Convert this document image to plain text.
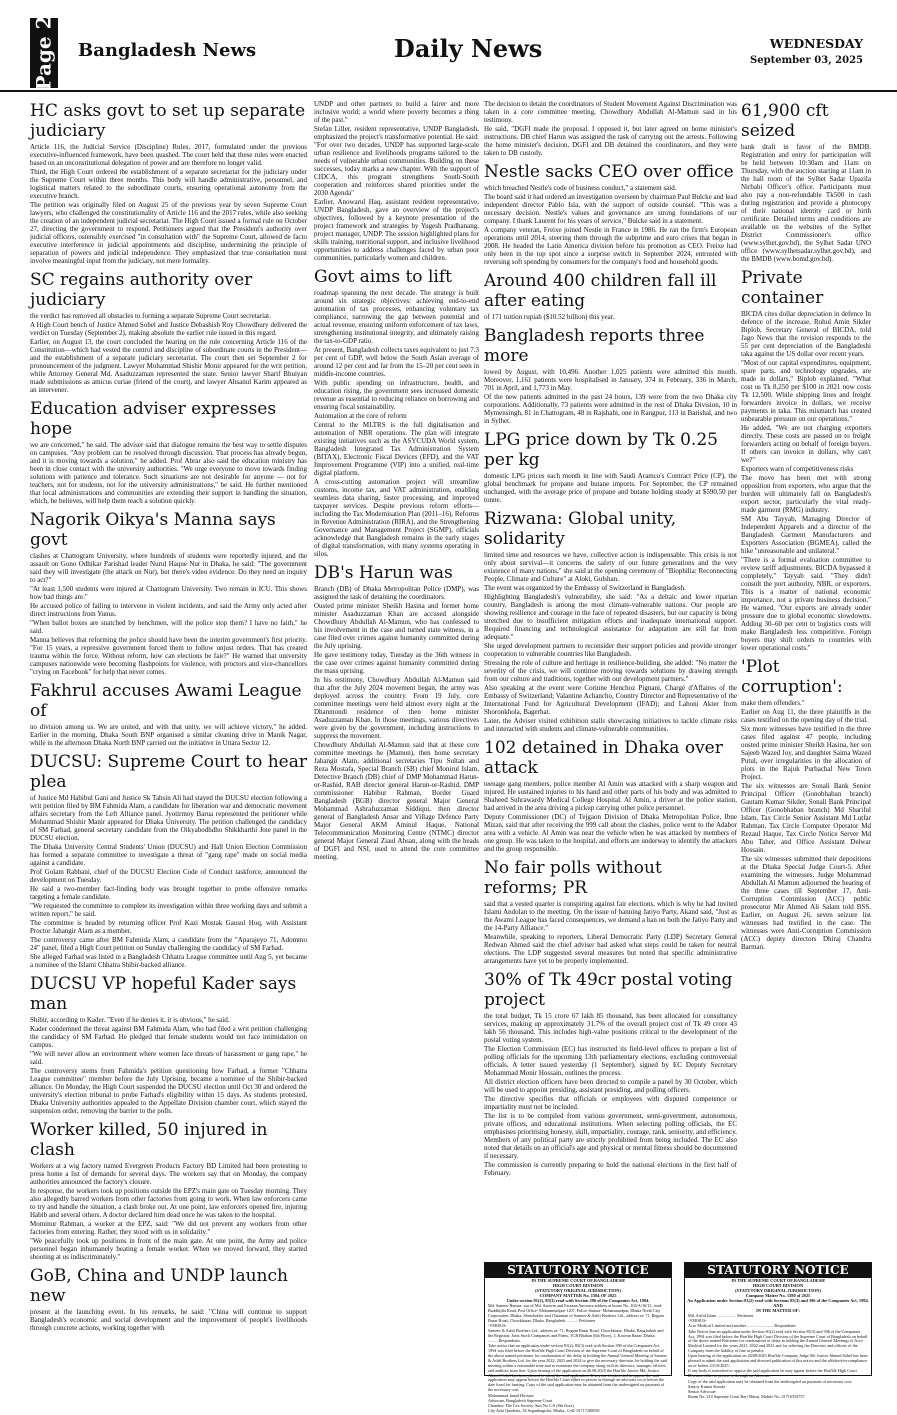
Page 2 Bangladesh News	Daily News	WEDNESDAY
September 03, 2025
HC asks govt to set up separate judiciary

Article 116, the Judicial Service (Discipline) Rules, 2017, formulated under the previous executive-influenced framework, have been quashed. The court held that these rules were enacted based on an unconstitutional delegation of power and are therefore no longer valid.

Third, the High Court ordered the establishment of a separate secretariat for the judiciary under the Supreme Court within three months. This body will handle administrative, personnel, and logistical matters related to the subordinate courts, ensuring operational autonomy from the executive branch.

The petition was originally filed on August 25 of the previous year by seven Supreme Court lawyers, who challenged the constitutionality of Article 116 and the 2017 rules, while also seeking the creation of an independent judicial secretariat. The High Court issued a formal rule on October 27, directing the government to respond. Petitioners argued that the President's authority over judicial officers, ostensibly exercised "in consultation with" the Supreme Court, allowed de facto executive interference in judicial appointments and discipline, undermining the principle of separation of powers and judicial independence. They emphasized that true consultation must involve meaningful input from the judiciary, not mere formality.

SC regains authority over judiciary

the verdict has removed all obstacles to forming a separate Supreme Court secretariat.

A High Court bench of Justice Ahmed Sohel and Justice Debashish Roy Chowdhury delivered the verdict on Tuesday (September 2), making absolute the earlier rule issued in this regard.

Earlier, on August 13, the court concluded the hearing on the rule concerning Article 116 of the Constitution—which had vested the control and discipline of subordinate courts in the President—and the establishment of a separate judiciary secretariat. The court then set September 2 for pronouncement of the judgment. Lawyer Mohammad Shishir Monir appeared for the writ petition, while Attorney General Md. Asaduzzaman represented the state. Senior lawyer Sharif Bhuiyan made submissions as amicus curiae (friend of the court), and lawyer Ahsanul Karim appeared as an intervener.

Education adviser expresses hope

we are concerned," he said. The adviser said that dialogue remains the best way to settle disputes on campuses. "Any problem can be resolved through discussion. That process has already begun, and it is moving towards a solution," he added. Prof Abrar also said the education ministry has been in close contact with the university authorities. "We urge everyone to move towards finding solutions with patience and tolerance. Such situations are not desirable for anyone — not for teachers, not for students, not for the university administrations," he said. He further mentioned that local administrations and communities are extending their support in handling the situation, which, he believes, will help them reach a solution quickly.

Nagorik Oikya's Manna says govt

clashes at Chattogram University, where hundreds of students were reportedly injured, and the assault on Gono Odhikar Parishad leader Nurul Haque Nur in Dhaka, he said: "The government said they will investigate (the attack on Nur), but there's video evidence. Do they need an inquiry to act?"

"At least 1,500 students were injured at Chattogram University. Two remain in ICU. This shows how bad things are."

He accused police of failing to intervene in violent incidents, and said the Army only acted after direct instructions from Yunus.

"When ballot boxes are snatched by henchmen, will the police stop them? I have no faith," he said.

Manna believes that reforming the police should have been the interim government's first priority. "For 15 years, a repressive government forced them to follow unjust orders. That has created trauma within the force. Without reform, how can elections be fair?" He warned that university campuses nationwide were becoming flashpoints for violence, with proctors and vice-chancellors "crying on Facebook" for help that never comes.

Fakhrul accuses Awami League of

no division among us. We are united, and with that unity, we will achieve victory," he added. Earlier in the morning, Dhaka South BNP organised a similar cleaning drive in Manik Nagar, while in the afternoon Dhaka North BNP carried out the initiative in Uttara Sector 12.

DUCSU: Supreme Court to hear plea

of Justice Md Habibul Gani and Justice Sk Tahsin Ali had stayed the DUCSU election following a writ petition filed by BM Fahmida Alam, a candidate for liberation war and democratic movement affairs secretary from the Left Alliance panel. Jyotirmoy Barua represented the petitioner while Mohammad Shishir Manir appeared for Dhaka University. The petition challenged the candidacy of SM Farhad, general secretary candidate from the Oikyabodhdho Shikkharthi Jote panel in the DUCSU election.

The Dhaka University Central Students' Union (DUCSU) and Hall Union Election Commission has formed a separate committee to investigate a threat of "gang rape" made on social media against a candidate.

Prof Golam Rabbani, chief of the DUCSU Election Code of Conduct taskforce, announced the development on Tuesday.

He said a two-member fact-finding body was brought together to probe offensive remarks targeting a female candidate.

"We requested the committee to complete its investigation within three working days and submit a written report," he said.

The committee is headed by returning officer Prof Kazi Mostak Gausul Hoq, with Assistant Proctor Jahangir Alam as a member.

The controversy came after BM Fahmida Alam, a candidate from the "Aparajeyo 71, Adommo 24" panel, filed a High Court petition on Sunday challenging the candidacy of SM Farhad.

She alleged Farhad was listed in a Bangladesh Chhatra League committee until Aug 5, yet became a nominee of the Islami Chhatra Shibir-backed alliance.

DUCSU VP hopeful Kader says man

Shibir, according to Kader. "Even if he denies it, it is obvious," he said.

Kader condemned the threat against BM Fahmida Alam, who had filed a writ petition challenging the candidacy of SM Farhad. He pledged that female students would not face intimidation on campus.

"We will never allow an environment where women face threats of harassment or gang rape," he said.

The controversy stems from Fahmida's petition questioning how Farhad, a former "Chhatra League committee" member before the July Uprising, became a nominee of the Shibir-backed alliance. On Monday, the High Court suspended the DUCSU election until Oct 30 and ordered the university's election tribunal to probe Farhad's eligibility within 15 days. As students protested, Dhaka University authorities appealed to the Appellate Division chamber court, which stayed the suspension order, removing the barrier to the polls.

Worker killed, 50 injured in clash

Workers at a wig factory named Evergreen Products Factory BD Limited had been protesting to press home a list of demands for several days. The workers say that on Monday, the company authorities announced the factory's closure.

In response, the workers took up positions outside the EPZ's main gate on Tuesday morning. They also allegedly barred workers from other factories from going to work. When law enforcers came to try and handle the situation, a clash broke out. At one point, law enforcers opened fire, injuring Habib and several others. A doctor declared him dead once he was taken to the hospital.

Mominur Rahman, a worker at the EPZ, said: "We did not prevent any workers from other factories from entering. Rather, they stood with us in solidarity."

"We peacefully took up positions in front of the main gate. At one point, the Army and police personnel began inhumanely beating a female worker. When we moved forward, they started shooting at us indiscriminately."

GoB, China and UNDP launch new

present at the launching event. In his remarks, he said: "China will continue to support Bangladesh's economic and social development and the improvement of people's livelihoods through concrete actions, working together with

UNDP and other partners to build a fairer and more inclusive world; a world where poverty becomes a thing of the past."

Stefan Liller, resident representative, UNDP Bangladesh, emphasized the project's transformative potential. He said: "For over two decades, UNDP has supported large-scale urban resilience and livelihoods programs tailored to the needs of vulnerable urban communities. Building on these successes, today marks a new chapter. With the support of CIDCA, this program strengthens South-South cooperation and reinforces shared priorities under the 2030 Agenda"

Earlier, Anowarul Haq, assistant resident representative, UNDP Bangladesh, gave an overview of the project's objectives, followed by a keynote presentation of the project framework and strategies by Yugesh Pradhanang, project manager, UNDP. The session highlighted plans for skills training, nutritional support, and inclusive livelihood opportunities to address challenges faced by urban poor communities, particularly women and children.

Govt aims to lift

roadmap spanning the next decade. The strategy is built around six strategic objectives: achieving end-to-end automation of tax processes, enhancing voluntary tax compliance, narrowing the gap between potential and actual revenue, ensuring uniform enforcement of tax laws, strengthening institutional integrity, and ultimately raising the tax-to-GDP ratio.

At present, Bangladesh collects taxes equivalent to just 7.3 per cent of GDP, well below the South Asian average of around 12 per cent and far from the 15–20 per cent seen in middle-income countries.

With public spending on infrastructure, health, and education rising, the government sees increased domestic revenue as essential to reducing reliance on borrowing and ensuring fiscal sustainability.

Automation at the core of reform

Central to the MLTRS is the full digitalisation and automation of NBR operations. The plan will integrate existing initiatives such as the ASYCUDA World system, Bangladesh Integrated Tax Administration System (BITAX), Electronic Fiscal Devices (EFD), and the VAT Improvement Programme (VIP) into a unified, real-time digital platform.

A cross-cutting automation project will streamline customs, income tax, and VAT administration, enabling seamless data sharing, faster processing, and improved taxpayer services. Despite previous reform efforts—including the Tax Modernisation Plan (2011–16), Reforms in Revenue Administration (RIRA), and the Strengthening Governance and Management Project (SGMP), officials acknowledge that Bangladesh remains in the early stages of digital transformation, with many systems operating in silos.

DB's Harun was

Branch (DB) of Dhaka Metropolitan Police (DMP), was assigned the task of detaining the coordinators.

Ousted prime minister Sheikh Hasina and former home minister Asaduzzaman Khan are accused alongside Chowdhury Abdullah Al-Mamun, who has confessed to his involvement in the case and turned state witness, in a case filed over crimes against humanity committed during the July uprising.

He gave testimony today, Tuesday as the 36th witness in the case over crimes against humanity committed during the mass uprising.

In his testimony, Chowdhury Abdullah Al-Mamun said that after the July 2024 movement began, the army was deployed across the country. From 19 July, core committee meetings were held almost every night at the Dhanmondi residence of then home minister Asaduzzaman Khan. In those meetings, various directives were given by the government, including instructions to suppress the movement.

Chowdhury Abdullah Al-Mamun said that at these core committee meetings he (Mamun), then home secretary Jahangir Alam, additional secretaries Tipu Sultan and Reza Mostafa, Special Branch (SB) chief Monirul Islam, Detective Branch (DB) chief of DMP Mohammad Harun-or-Rashid, RAB director general Harun-or-Rashid, DMP commissioner Habibur Rahman, Border Guard Bangladesh (BGB) director general Major General Mohammad Ashrafuzzaman Siddiqui, then director general of Bangladesh Ansar and Village Defence Party Major General AKM Aminul Haque, National Telecommunication Monitoring Centre (NTMC) director general Major General Ziaul Ahsan, along with the heads of DGFI and NSI, used to attend the core committee meeting.

The decision to detain the coordinators of Student Movement Against Discrimination was taken in a core committee meeting, Chowdhury Abdullah Al-Mamun said in his testimony.

He said, "DGFI made the proposal. I opposed it, but later agreed on home minister's instructions. DB chief Harun was assigned the task of carrying out the arrests. Following the home minister's decision, DGFI and DB detained the coordinators, and they were taken to DB custody.

Nestle sacks CEO over office

which breached Nestle's code of business conduct," a statement said.

The board said it had ordered an investigation overseen by chairman Paul Bulcke and lead independent director Pablo Isla, with the support of outside counsel. "This was a necessary decision. Nestle's values and governance are strong foundations of our company. I thank Laurent for his years of service," Bulcke said in a statement.

A company veteran, Freixe joined Nestle in France in 1986. He ran the firm's European operations until 2014, steering them through the subprime and euro crises that began in 2008. He headed the Latin America division before his promotion as CEO. Freixe had only been in the top spot since a surprise switch in September 2024, entrusted with reversing soft spending by consumers for the company's food and household goods.

Around 400 children fall ill after eating

of 171 tuition rupiah ($10.52 billion) this year.

Bangladesh reports three more

lowed by August, with 10,496. Another 1,025 patients were admitted this month. Moreover, 1,161 patients were hospitalised in January, 374 in February, 336 in March, 701 in April, and 1,773 in May.

Of the new patients admitted in the past 24 hours, 139 were from the two Dhaka city corporations. Additionally, 73 patients were admitted in the rest of Dhaka Division, 10 in Mymensingh, 81 in Chattogram, 48 in Rajshahi, one in Rangpur, 113 in Barishal, and two in Sylhet.

LPG price down by Tk 0.25 per kg

domestic LPG prices each month in line with Saudi Aramco's Contract Price (CP), the global benchmark for propane and butane imports. For September, the CP remained unchanged, with the average price of propane and butane holding steady at $590.50 per tonne.

Rizwana: Global unity, solidarity

limited time and resources we have, collective action is indispensable. This crisis is not only about survival—it concerns the safety of our future generations and the very existence of many nations," she said at the opening ceremony of "Biophilia: Reconnecting People, Climate and Culture" at Aloki, Gulshan.

The event was organized by the Embassy of Switzerland in Bangladesh.

Highlighting Bangladesh's vulnerability, she said: "As a deltaic and lower riparian country, Bangladesh is among the most climate-vulnerable nations. Our people are showing resilience and courage in the face of repeated disasters, but our capacity is being stretched due to insufficient mitigation efforts and inadequate international support. Required financing and technological assistance for adaptation are still far from adequate."

She urged development partners to reconsider their support policies and provide stronger cooperation to vulnerable countries like Bangladesh.

Stressing the role of culture and heritage in resilience-building, she added: "No matter the severity of the crisis, we will continue moving towards solutions by drawing strength from our culture and traditions, together with our development partners."

Also speaking at the event were Corinne Henchoz Pignani, Chargé d'Affaires of the Embassy of Switzerland; Valantine Achancho, Country Director and Representative of the International Fund for Agricultural Development (IFAD); and Laboni Akter from Shoronkhola, Bagerhat.

Later, the Adviser visited exhibition stalls showcasing initiatives to tackle climate risks and interacted with students and climate-vulnerable communities.

102 detained in Dhaka over attack

teenage gang members, police member Al Amin was attacked with a sharp weapon and injured. He sustained injuries to his hand and other parts of his body and was admitted to Shaheed Suhrawardy Medical College Hospital. Al Amin, a driver at the police station, had arrived in the area driving a pickup carrying other police personnel.

Deputy Commissioner (DC) of Tejgaon Division of Dhaka Metropolitan Police, Ibne Mizan, said that after receiving the 999 call about the clashes, police went to the Adabor area with a vehicle. Al Amin was near the vehicle when he was attacked by members of one group. He was taken to the hospital, and efforts are underway to identify the attackers and the group responsible.

No fair polls without reforms; PR

said that a vested quarter is conspiring against fair elections, which is why he had invited Islami Andolan to the meeting. On the issue of banning Jatiyo Party, Akand said, "Just as the Awami League has faced consequences, we demand a ban on both the Jatiyo Party and the 14-Party Alliance."

Meanwhile, speaking to reporters, Liberal Democratic Party (LDP) Secretary General Redwan Ahmed said the chief adviser had asked what steps could be taken for neutral elections. The LDP suggested several measures but noted that specific administrative arrangements have yet to be properly implemented.

30% of Tk 49cr postal voting project

the total budget, Tk 15 crore 67 lakh 85 thousand, has been allocated for consultancy services, making up approximately 31.7% of the overall project cost of Tk 49 crore 43 lakh 56 thousand. This includes high-value positions critical to the development of the postal voting system.

The Election Commission (EC) has instructed its field-level offices to prepare a list of polling officials for the upcoming 13th parliamentary elections, excluding controversial officials. A letter issued yesterday (1 September), signed by EC Deputy Secretary Mohammad Monir Hossain, outlines the process.

All district election officers have been directed to compile a panel by 30 October, which will be used to appoint presiding, assistant presiding, and polling officers.

The directive specifies that officials or employees with disputed competence or impartiality must not be included.

The list is to be compiled from various government, semi-government, autonomous, private offices, and educational institutions. When selecting polling officials, the EC emphasises prioritising honesty, skill, impartiality, courage, rank, seniority, and efficiency. Members of any political party are strictly prohibited from being included. The EC also noted that details on an official's age and physical or mental fitness should be documented if necessary.

The commission is currently preparing to hold the national elections in the first half of February.

61,900 cft seized

bank draft in favor of the BMDB. Registration and entry for participation will be held between 10:30am and 11am on Thursday, with the auction starting at 11am in the hall room of the Sylhet Sadar Upazila Nirbahi Officer's office. Participants must also pay a non-refundable Tk500 in cash during registration and provide a photocopy of their national identity card or birth certificate. Detailed terms and conditions are available on the websites of the Sylhet District Commissioner's office (www.sylhet.gov.bd), the Sylhet Sadar UNO office (www.sylhetsadar.sylhet.gov.bd), and the BMDB (www.bomd.gov.bd).

Private container

BICDA cites dollar depreciation in defence In defence of the increase, Ruhul Amin Sikder Biplob, Secretary General of BICDA, told Jago News that the revision responds to the 55 per cent depreciation of the Bangladeshi taka against the US dollar over recent years.

"Most of our capital expenditures, equipment, spare parts, and technology upgrades, are made in dollars," Biplob explained. "What cost us Tk 8,250 per $100 in 2021 now costs Tk 12,500. While shipping lines and freight forwarders invoice in dollars, we receive payments in taka. This mismatch has created unbearable pressure on our operations."

He added, "We are not charging exporters directly. These costs are passed on to freight forwarders acting on behalf of foreign buyers. If others can invoice in dollars, why can't we?"

Exporters warn of competitiveness risks

The move has been met with strong opposition from exporters, who argue that the burden will ultimately fall on Bangladesh's export sector, particularly the vital ready-made garment (RMG) industry.

SM Abu Tayyab, Managing Director of Independent Apparels and a director of the Bangladesh Garment Manufacturers and Exporters Association (BGMEA), called the hike "unreasonable and unilateral."

"There is a formal evaluation committee to review tariff adjustments. BICDA bypassed it completely," Tayyab said. "They didn't consult the port authority, NBR, or exporters. This is a matter of national economic importance, not a private business decision." He warned, "Our exports are already under pressure due to global economic slowdowns. Adding 30–60 per cent to logistics costs will make Bangladesh less competitive. Foreign buyers may shift orders to countries with lower operational costs."

'Plot corruption':

make them offenders."

Earlier on Aug 11, the three plaintiffs in the cases testified on the opening day of the trial.

Six more witnesses have testified in the three cases filed against 47 people, including ousted prime minister Sheikh Hasina, her son Sajeeb Wazed Joy, and daughter Saima Wazed Putul, over irregularities in the allocation of plots in the Rajuk Purbachal New Town Project.

The six witnesses are Sonali Bank Senior Principal Officer (Gonobhaban branch) Gautam Kumar Sikder, Sonali Bank Principal Officer (Gonobhaban branch) Md Shariful Islam, Tax Circle Senior Assistant Md Lutfar Rahman, Tax Circle Computer Operator Md Rezaul Haque, Tax Circle Notice Server Md Abu Taher, and Office Assistant Delwar Hossain.

The six witnesses submitted their depositions at the Dhaka Special Judge Court-5. After examining the witnesses, Judge Mohammad Abdullah Al Mamun adjourned the hearing of the three cases till September 17, Anti-Corruption Commission (ACC) public prosecutor Mir Ahmed Ali Salam told BSS. Earlier, on August 26, seven seizure list witnesses had testified in the case. The witnesses were Anti-Corruption Commission (ACC) deputy directors Dhiraj Chandra Barman.

STATUTORY NOTICE
IN THE SUPREME COURT OF BANGLADESH
HIGH COURT DIVISION
(STATUTORY ORIGINAL JURISDICTION)
COMPANY MATTER No. 1504 OF 2025
Under section 81(2), 85(3) read with Section 396 of the Companies Act, 1994.
Md. Sameer Hamza, son of Md. Anowar and Farzana Anowara address at house No. 104/A/16/13, road- Buddhijibi Road, Post Office- Mohammadpur-1207, Police Station- Mohammadpur, Dhaka North City Corporation, Dhaka, Shareholder and Chairman of Sameer & Ashfi Brothers Ltd., address at- 71, Begum Bazar Road, Chowkbazar, Dhaka, Bangladesh. .......... Petitioner
-VERSUS-
Sameer & Ashfi Brothers Ltd., address at- 71, Begum Bazar Road, Chowkbazar, Dhaka, Bangladesh and the Registrar, Joint Stock Companies and Firms, TCB Bhaban (6th Floor), 1, Kawran Bazar, Dhaka. ..........Respondents.
Take notice that an application under section 81(2), 85(3) read with Section 396 of the Companies Act, 1994 was filed before the Hon'ble High Court Division of the Supreme Court of Bangladesh on behalf of the above named petitioner for condonation of the delay in holding the Annual General Meeting of Sameer & Ashfi Brothers Ltd. for the year 2022, 2023 and 2024 to give the necessary direction for holding the said meeting within a reasonable time and to exonerate the company along with its directors, manager, officers and auditors from fine. Upon hearing of the application on 26.08.2025 the Hon'ble Justice Md. Justice Ahmed Sohel has been pleased to admit the said application. If anyone is interested to oppose the said application may appear before the Hon'ble Court either in person or through an advocate on or before the date fixed for hearing. Copy of the said application may be obtained from the undersigned on payment of the necessary cost.
Mohammad Jamal Hossain
Advocate, Bangladesh Supreme Court
Chamber: The Lex Society, Suit No.C-6 (8th floor),
City Azia Quaderia, 34 Segunbagicha, Dhaka., Cell: 01717200050
STATUTORY NOTICE
IN THE SUPREME COURT OF BANGLADESH
HIGH COURT DIVISION
(STATUTORY ORIGINAL JURISDICTION)
Company Matter No. 1580 of 2025
An Application under Section-81(2) read with Sections 85(3) and 396 of the Companies Act, 1994.
AND
IN THE MATTER OF:
Md. Ariful Islam .................. Petitioner.
-VERSUS-
Acro Medical Limited and another ..........................Respondents
Take Notice that an application under Section-81(2) read with Section 85(3) and 396 of the Companies Act, 1994 was filed before the Hon'ble High Court Division of the Supreme Court of Bangladesh on behalf of the above named Petitioner for condonation of delay in holding the Annual General Meetings of Acro Medical Limited for the years 2021, 2022 and 2023 and for relieving the Directors and officers of the Company from the liability of fine or penalty.
Upon hearing of the application on 26/08/2025 Hon'ble Company Judge Mr. Justice Ahmed Sohel has been pleased to admit the said application and directed publication of this notice and the affidavit-in-compliance on or before 23/10/2025.
If any body is interested to oppose the said application he may appear before the Hon'ble High Court Division either in person or through an Advocate.
Copy of the said application may be obtained from the undersigned on payment of necessary cost.
Sanjoy Kumar Kundu
Senior Advocate
Room No. 210 Supreme Court Bar (Main). Mobile No. 01716354757
